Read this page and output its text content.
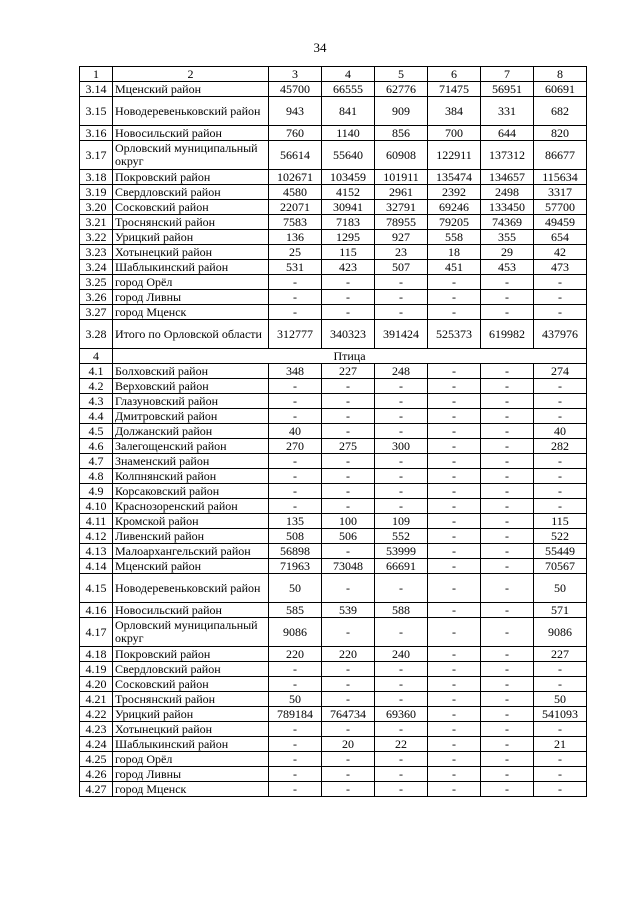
34
1	2	3	4	5	6	7	8
3.14	Мценский район	45700	66555	62776	71475	56951	60691
3.15	Новодеревеньковский район	943	841	909	384	331	682
3.16	Новосильский район	760	1140	856	700	644	820
3.17	Орловский муниципальный округ	56614	55640	60908	122911	137312	86677
3.18	Покровский район	102671	103459	101911	135474	134657	115634
3.19	Свердловский район	4580	4152	2961	2392	2498	3317
3.20	Сосковский район	22071	30941	32791	69246	133450	57700
3.21	Троснянский район	7583	7183	78955	79205	74369	49459
3.22	Урицкий район	136	1295	927	558	355	654
3.23	Хотынецкий район	25	115	23	18	29	42
3.24	Шаблыкинский район	531	423	507	451	453	473
3.25	город Орёл	-	-	-	-	-	-
3.26	город Ливны	-	-	-	-	-	-
3.27	город Мценск	-	-	-	-	-	-
3.28	Итого по Орловской области	312777	340323	391424	525373	619982	437976
4	Птица						
4.1	Болховский район	348	227	248	-	-	274
4.2	Верховский район	-	-	-	-	-	-
4.3	Глазуновский район	-	-	-	-	-	-
4.4	Дмитровский район	-	-	-	-	-	-
4.5	Должанский район	40	-	-	-	-	40
4.6	Залегощенский район	270	275	300	-	-	282
4.7	Знаменский район	-	-	-	-	-	-
4.8	Колпнянский район	-	-	-	-	-	-
4.9	Корсаковский район	-	-	-	-	-	-
4.10	Краснозоренский район	-	-	-	-	-	-
4.11	Кромской район	135	100	109	-	-	115
4.12	Ливенский район	508	506	552	-	-	522
4.13	Малоархангельский район	56898	-	53999	-	-	55449
4.14	Мценский район	71963	73048	66691	-	-	70567
4.15	Новодеревеньковский район	50	-	-	-	-	50
4.16	Новосильский район	585	539	588	-	-	571
4.17	Орловский муниципальный округ	9086	-	-	-	-	9086
4.18	Покровский район	220	220	240	-	-	227
4.19	Свердловский район	-	-	-	-	-	-
4.20	Сосковский район	-	-	-	-	-	-
4.21	Троснянский район	50	-	-	-	-	50
4.22	Урицкий район	789184	764734	69360	-	-	541093
4.23	Хотынецкий район	-	-	-	-	-	-
4.24	Шаблыкинский район	-	20	22	-	-	21
4.25	город Орёл	-	-	-	-	-	-
4.26	город Ливны	-	-	-	-	-	-
4.27	город Мценск	-	-	-	-	-	-
